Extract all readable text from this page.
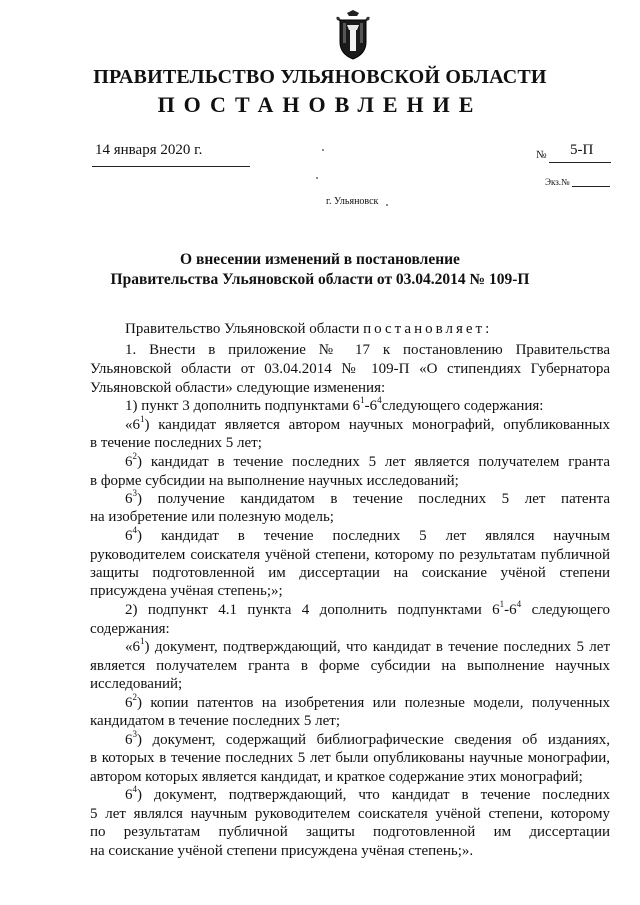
ПРАВИТЕЛЬСТВО УЛЬЯНОВСКОЙ ОБЛАСТИ
ПОСТАНОВЛЕНИЕ
14 января 2020 г.	№ 5-П
Экз.№
г. Ульяновск
О внесении изменений в постановление
Правительства Ульяновской области от 03.04.2014 № 109-П
Правительство Ульяновской области постановляет:
1. Внести в приложение № 17 к постановлению Правительства
Ульяновской области от 03.04.2014 № 109-П «О стипендиях Губернатора
Ульяновской области» следующие изменения:
1) пункт 3 дополнить подпунктами $6^1-6^4следующего$ содержания:
«$6^1$) кандидат является автором научных монографий, опубликованных
в течение последних 5 лет;
$6^2$) кандидат в течение последних 5 лет является получателем гранта
в форме субсидии на выполнение научных исследований;
$6^3$) получение кандидатом в течение последних 5 лет патента
на изобретение или полезную модель;
$6^4$) кандидат в течение последних 5 лет являлся научным
руководителем соискателя учёной степени, которому по результатам публичной
защиты подготовленной им диссертации на соискание учёной степени
присуждена учёная степень;»;
2) подпункт 4.1 пункта 4 дополнить подпунктами $6^1-6^4$ следующего
содержания:
«$6^1$) документ, подтверждающий, что кандидат в течение последних 5 лет
является получателем гранта в форме субсидии на выполнение научных
исследований;
$6^2$) копии патентов на изобретения или полезные модели, полученных
кандидатом в течение последних 5 лет;
$6^3$) документ, содержащий библиографические сведения об изданиях,
в которых в течение последних 5 лет были опубликованы научные монографии,
автором которых является кандидат, и краткое содержание этих монографий;
$6^4$) документ, подтверждающий, что кандидат в течение последних
5 лет являлся научным руководителем соискателя учёной степени, которому
по результатам публичной защиты подготовленной им диссертации
на соискание учёной степени присуждена учёная степень;».
